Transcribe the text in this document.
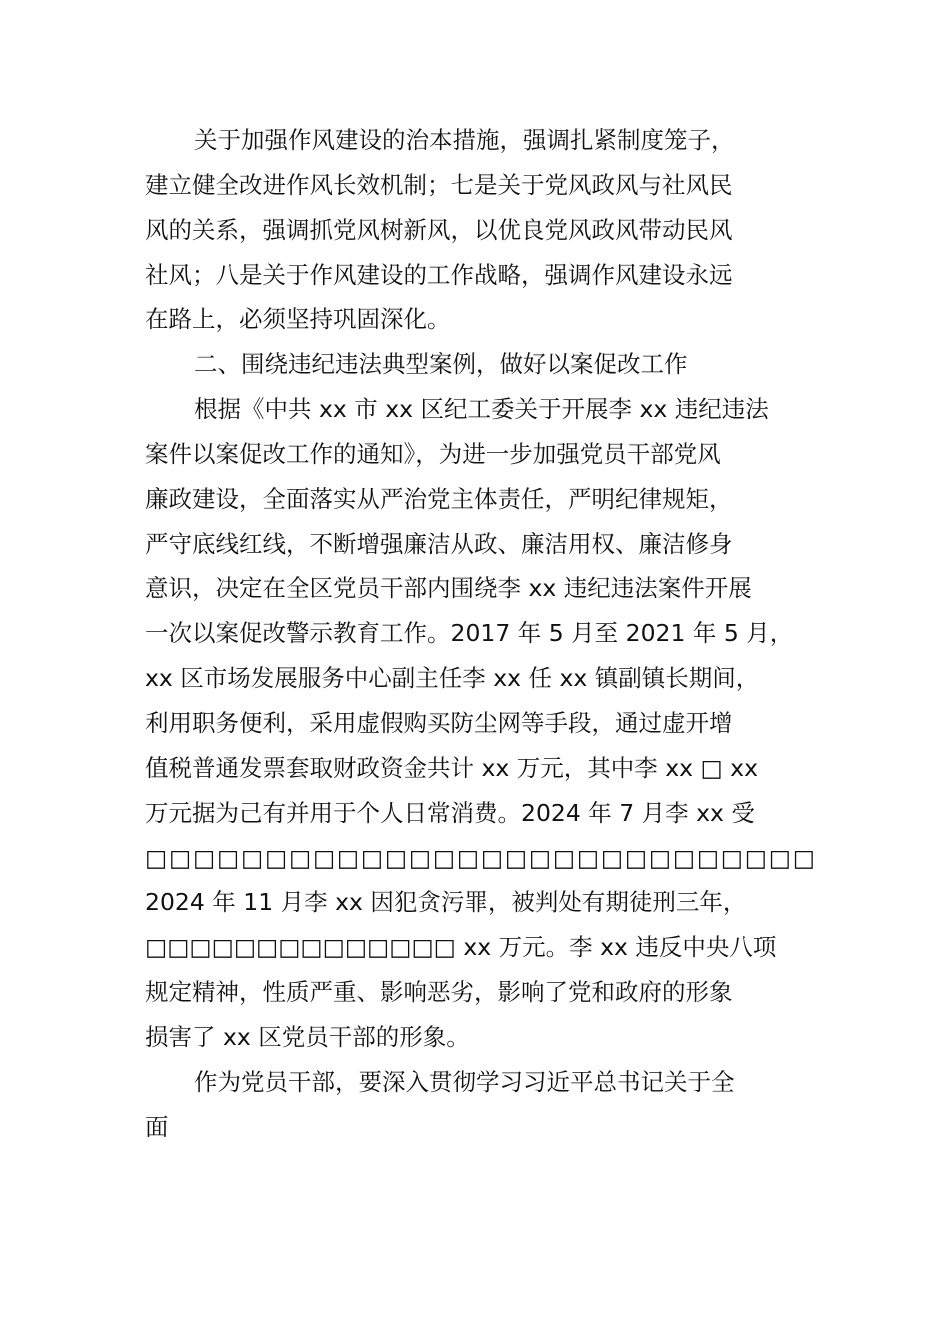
关于加强作风建设的治本措施，强调扎紧制度笼子，
建立健全改进作风长效机制；七是关于党风政风与社风民
风的关系，强调抓党风树新风，以优良党风政风带动民风
社风；八是关于作风建设的工作战略，强调作风建设永远
在路上，必须坚持巩固深化。
二、围绕违纪违法典型案例，做好以案促改工作
根据《中共 xx 市 xx 区纪工委关于开展李 xx 违纪违法
案件以案促改工作的通知》，为进一步加强党员干部党风
廉政建设，全面落实从严治党主体责任，严明纪律规矩，
严守底线红线，不断增强廉洁从政、廉洁用权、廉洁修身
意识，决定在全区党员干部内围绕李 xx 违纪违法案件开展
一次以案促改警示教育工作。2017 年 5 月至 2021 年 5 月，
xx 区市场发展服务中心副主任李 xx 任 xx 镇副镇长期间，
利用职务便利，采用虚假购买防尘网等手段，通过虚开增
值税普通发票套取财政资金共计 xx 万元，其中李 xx □ xx
万元据为己有并用于个人日常消费。2024 年 7 月李 xx 受
□□□□□□□□□□□□□□□□□□□□□□□□□□□□
2024 年 11 月李 xx 因犯贪污罪，被判处有期徒刑三年，
□□□□□□□□□□□□□□ xx 万元。李 xx 违反中央八项
规定精神，性质严重、影响恶劣，影响了党和政府的形象
损害了 xx 区党员干部的形象。
作为党员干部，要深入贯彻学习习近平总书记关于全
面
